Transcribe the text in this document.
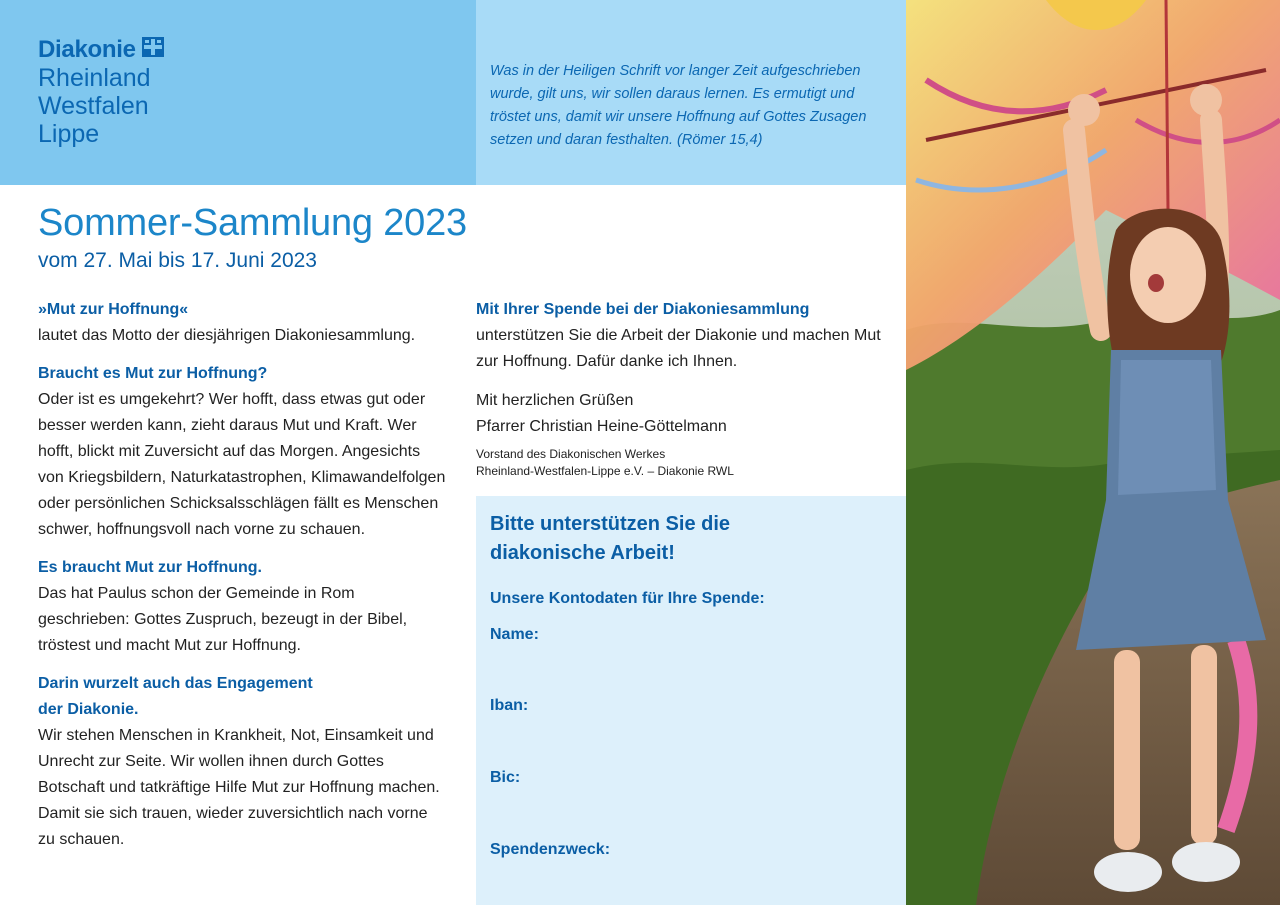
Diakonie
Rheinland
Westfalen
Lippe
Was in der Heiligen Schrift vor langer Zeit aufgeschrieben wurde, gilt uns, wir sollen daraus lernen. Es ermutigt und tröstet uns, damit wir unsere Hoffnung auf Gottes Zusagen setzen und daran festhalten. (Römer 15,4)
Sommer-Sammlung 2023
vom 27. Mai bis 17. Juni 2023
»Mut zur Hoffnung«
lautet das Motto der diesjährigen Diakoniesammlung.
Braucht es Mut zur Hoffnung?
Oder ist es umgekehrt? Wer hofft, dass etwas gut oder besser werden kann, zieht daraus Mut und Kraft. Wer hofft, blickt mit Zuversicht auf das Morgen. Angesichts von Kriegsbildern, Naturkatastrophen, Klimawandelfolgen oder persönlichen Schicksalsschlägen fällt es Menschen schwer, hoffnungsvoll nach vorne zu schauen.
Es braucht Mut zur Hoffnung.
Das hat Paulus schon der Gemeinde in Rom geschrieben: Gottes Zuspruch, bezeugt in der Bibel, tröstest und macht Mut zur Hoffnung.
Darin wurzelt auch das Engagement der Diakonie.
Wir stehen Menschen in Krankheit, Not, Einsamkeit und Unrecht zur Seite. Wir wollen ihnen durch Gottes Botschaft und tatkräftige Hilfe Mut zur Hoffnung machen. Damit sie sich trauen, wieder zuversichtlich nach vorne zu schauen.
Mit Ihrer Spende bei der Diakoniesammlung
unterstützen Sie die Arbeit der Diakonie und machen Mut zur Hoffnung. Dafür danke ich Ihnen.
Mit herzlichen Grüßen
Pfarrer Christian Heine-Göttelmann
Vorstand des Diakonischen Werkes
Rheinland-Westfalen-Lippe e.V. – Diakonie RWL
Bitte unterstützen Sie die diakonische Arbeit!
Unsere Kontodaten für Ihre Spende:
Name:
Iban:
Bic:
Spendenzweck:
